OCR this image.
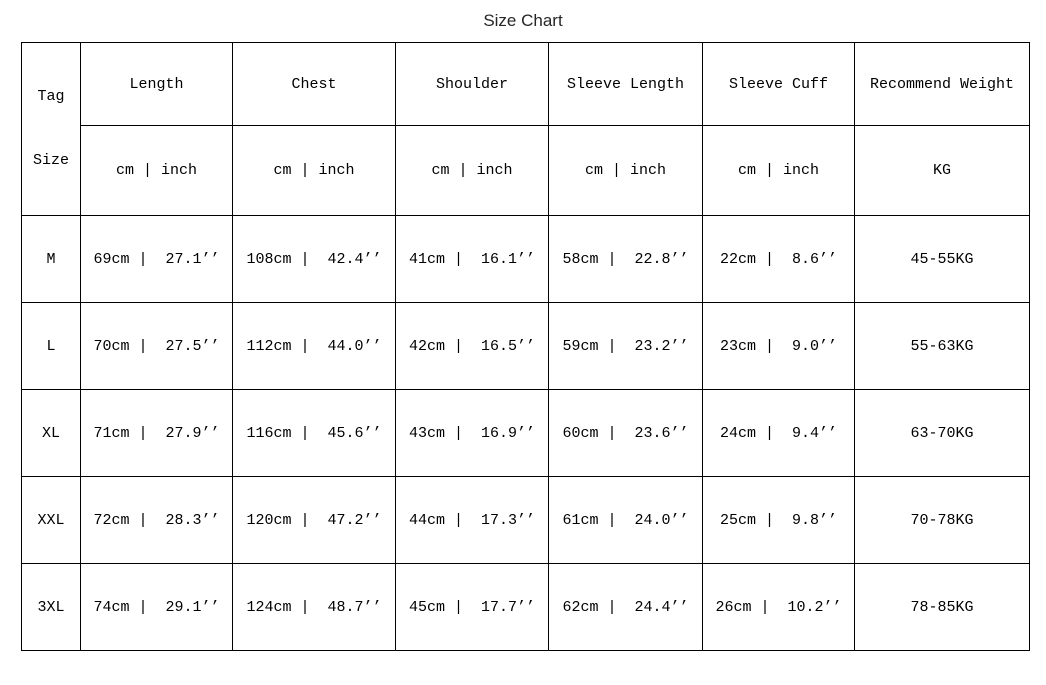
Size Chart

Tag

Size	Length	Chest	Shoulder	Sleeve Length	Sleeve Cuff	Recommend Weight
	cm | inch	cm | inch	cm | inch	cm | inch	cm | inch	KG
M	69cm |  27.1’’	108cm |  42.4’’	41cm |  16.1’’	58cm |  22.8’’	22cm |  8.6’’	45-55KG
L	70cm |  27.5’’	112cm |  44.0’’	42cm |  16.5’’	59cm |  23.2’’	23cm |  9.0’’	55-63KG
XL	71cm |  27.9’’	116cm |  45.6’’	43cm |  16.9’’	60cm |  23.6’’	24cm |  9.4’’	63-70KG
XXL	72cm |  28.3’’	120cm |  47.2’’	44cm |  17.3’’	61cm |  24.0’’	25cm |  9.8’’	70-78KG
3XL	74cm |  29.1’’	124cm |  48.7’’	45cm |  17.7’’	62cm |  24.4’’	26cm |  10.2’’	78-85KG
